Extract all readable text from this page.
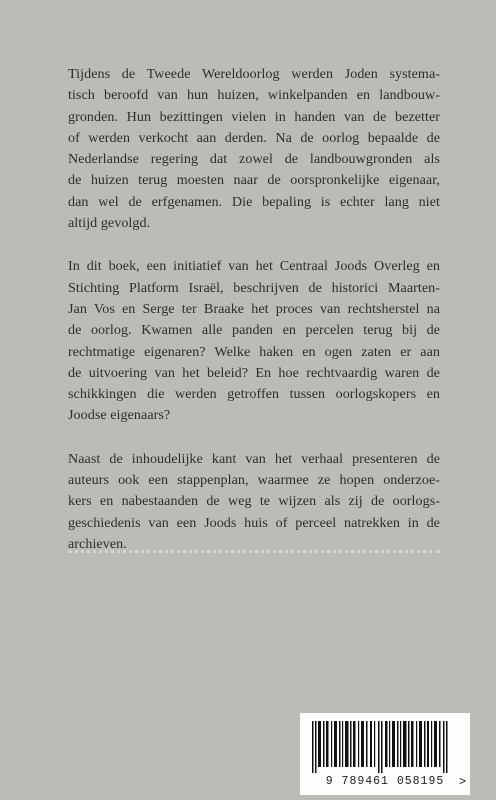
Tijdens de Tweede Wereldoorlog werden Joden systema-
tisch beroofd van hun huizen, winkelpanden en landbouw-
gronden. Hun bezittingen vielen in handen van de bezetter
of werden verkocht aan derden. Na de oorlog bepaalde de
Nederlandse regering dat zowel de landbouwgronden als
de huizen terug moesten naar de oorspronkelijke eigenaar,
dan wel de erfgenamen. Die bepaling is echter lang niet
altijd gevolgd.

In dit boek, een initiatief van het Centraal Joods Overleg en
Stichting Platform Israël, beschrijven de historici Maarten-
Jan Vos en Serge ter Braake het proces van rechtsherstel na
de oorlog. Kwamen alle panden en percelen terug bij de
rechtmatige eigenaren? Welke haken en ogen zaten er aan
de uitvoering van het beleid? En hoe rechtvaardig waren de
schikkingen die werden getroffen tussen oorlogskopers en
Joodse eigenaars?

Naast de inhoudelijke kant van het verhaal presenteren de
auteurs ook een stappenplan, waarmee ze hopen onderzoe-
kers en nabestaanden de weg te wijzen als zij de oorlogs-
geschiedenis van een Joods huis of perceel natrekken in de
archieven.

9 789461 058195	>
